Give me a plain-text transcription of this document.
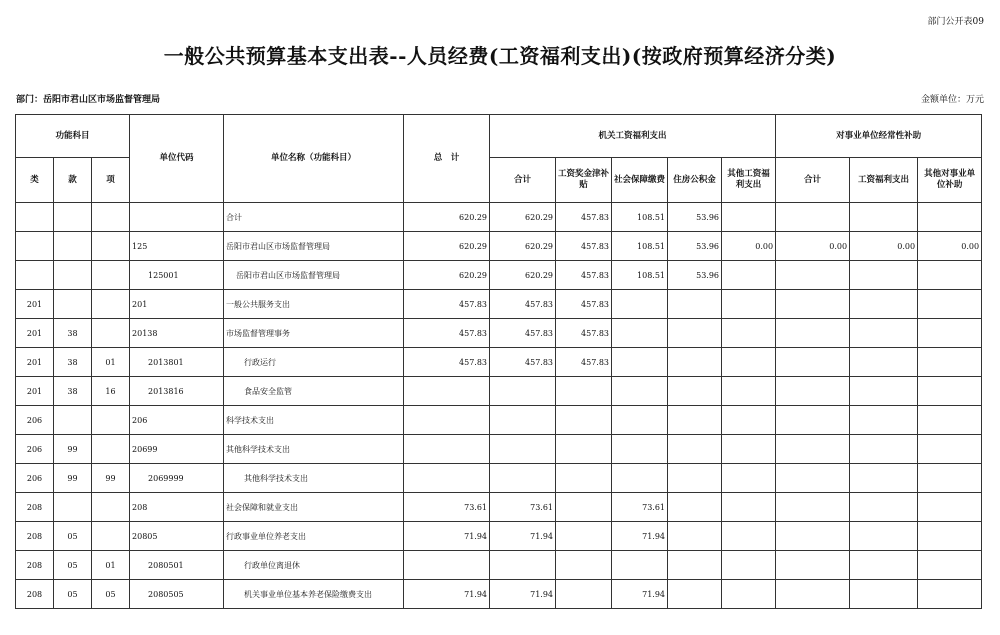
部门公开表09
一般公共预算基本支出表--人员经费(工资福利支出)(按政府预算经济分类)
部门：岳阳市君山区市场监督管理局	金额单位：万元
功能科目			单位代码	单位名称（功能科目）	总　计	机关工资福利支出					对事业单位经常性补助		
类	款	项				合计	工资奖金津补贴	社会保障缴费	住房公积金	其他工资福利支出	合计	工资福利支出	其他对事业单位补助
				合计	620.29	620.29	457.83	108.51	53.96				
			125	岳阳市君山区市场监督管理局	620.29	620.29	457.83	108.51	53.96	0.00	0.00	0.00	0.00
			125001	岳阳市君山区市场监督管理局	620.29	620.29	457.83	108.51	53.96				
201			201	一般公共服务支出	457.83	457.83	457.83						
201	38		20138	市场监督管理事务	457.83	457.83	457.83						
201	38	01	2013801	行政运行	457.83	457.83	457.83						
201	38	16	2013816	食品安全监管									
206			206	科学技术支出									
206	99		20699	其他科学技术支出									
206	99	99	2069999	其他科学技术支出									
208			208	社会保障和就业支出	73.61	73.61		73.61					
208	05		20805	行政事业单位养老支出	71.94	71.94		71.94					
208	05	01	2080501	行政单位离退休									
208	05	05	2080505	机关事业单位基本养老保险缴费支出	71.94	71.94		71.94					
